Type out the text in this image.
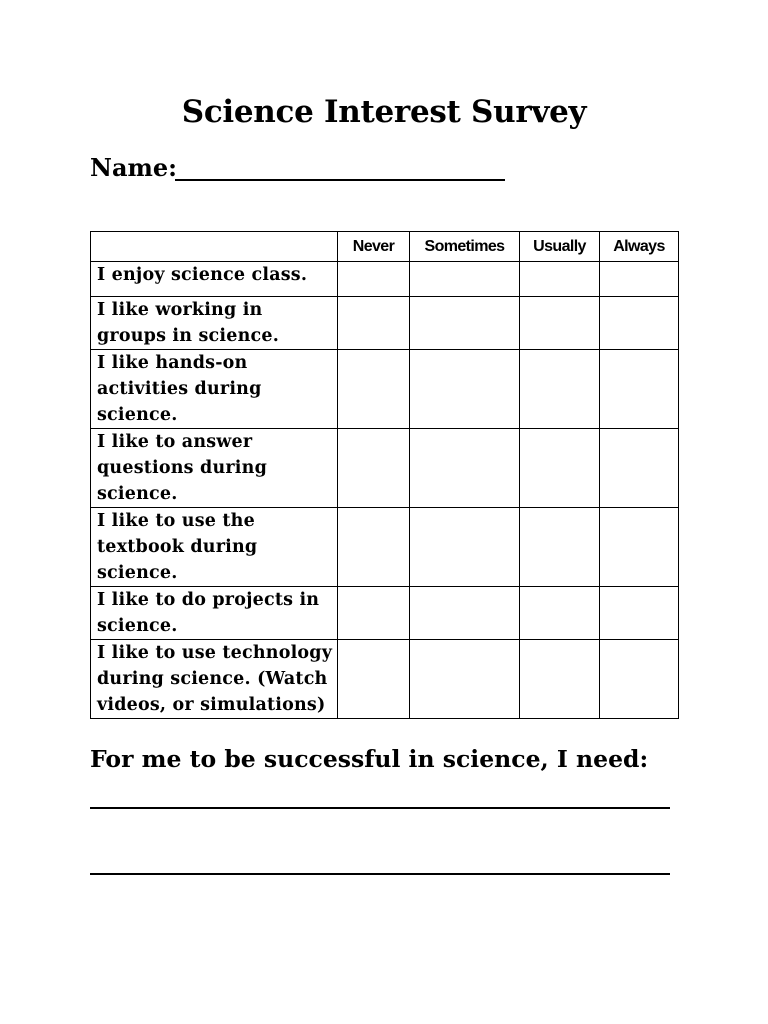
Science Interest Survey
Name:
	Never	Sometimes	Usually	Always
I enjoy science class.				
I like working in groups in science.				
I like hands-on activities during science.				
I like to answer questions during science.				
I like to use the textbook during science.				
I like to do projects in science.				
I like to use technology during science. (Watch videos, or simulations)				
For me to be successful in science, I need:
